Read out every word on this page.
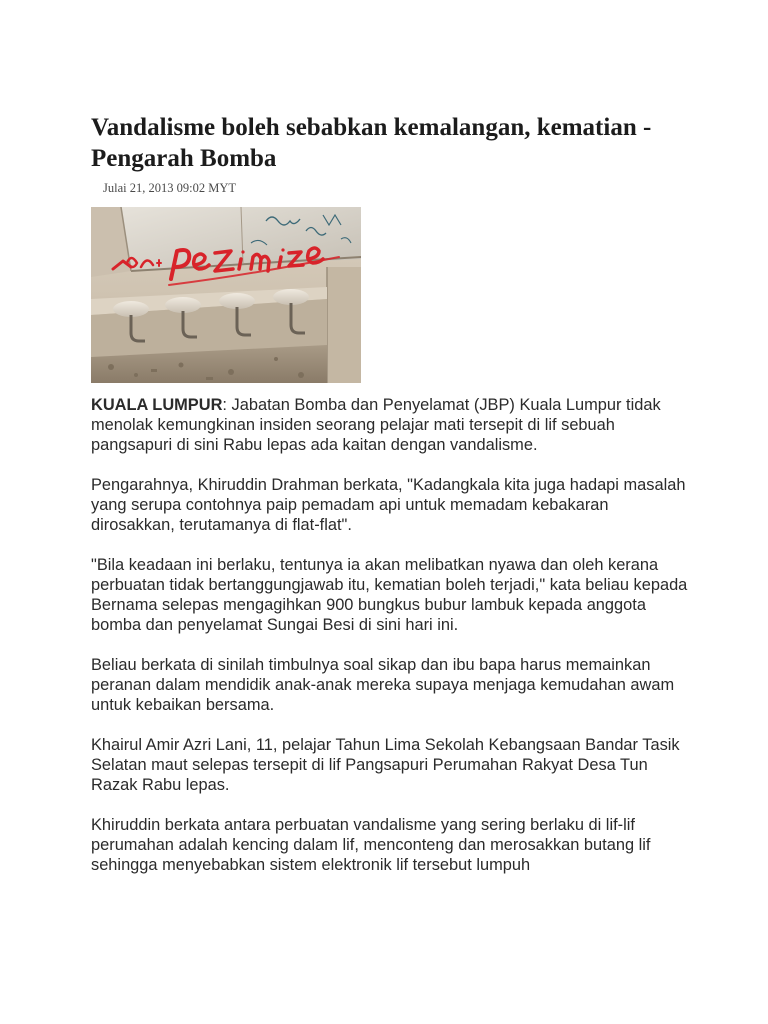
Vandalisme boleh sebabkan kemalangan, kematian - Pengarah Bomba
Julai 21, 2013 09:02 MYT

KUALA LUMPUR: Jabatan Bomba dan Penyelamat (JBP) Kuala Lumpur tidak menolak kemungkinan insiden seorang pelajar mati tersepit di lif sebuah pangsapuri di sini Rabu lepas ada kaitan dengan vandalisme.

Pengarahnya, Khiruddin Drahman berkata, "Kadangkala kita juga hadapi masalah yang serupa contohnya paip pemadam api untuk memadam kebakaran dirosakkan, terutamanya di flat-flat".

"Bila keadaan ini berlaku, tentunya ia akan melibatkan nyawa dan oleh kerana perbuatan tidak bertanggungjawab itu, kematian boleh terjadi," kata beliau kepada Bernama selepas mengagihkan 900 bungkus bubur lambuk kepada anggota bomba dan penyelamat Sungai Besi di sini hari ini.

Beliau berkata di sinilah timbulnya soal sikap dan ibu bapa harus memainkan peranan dalam mendidik anak-anak mereka supaya menjaga kemudahan awam untuk kebaikan bersama.

Khairul Amir Azri Lani, 11, pelajar Tahun Lima Sekolah Kebangsaan Bandar Tasik Selatan maut selepas tersepit di lif Pangsapuri Perumahan Rakyat Desa Tun Razak Rabu lepas.

Khiruddin berkata antara perbuatan vandalisme yang sering berlaku di lif-lif perumahan adalah kencing dalam lif, menconteng dan merosakkan butang lif sehingga menyebabkan sistem elektronik lif tersebut lumpuh
